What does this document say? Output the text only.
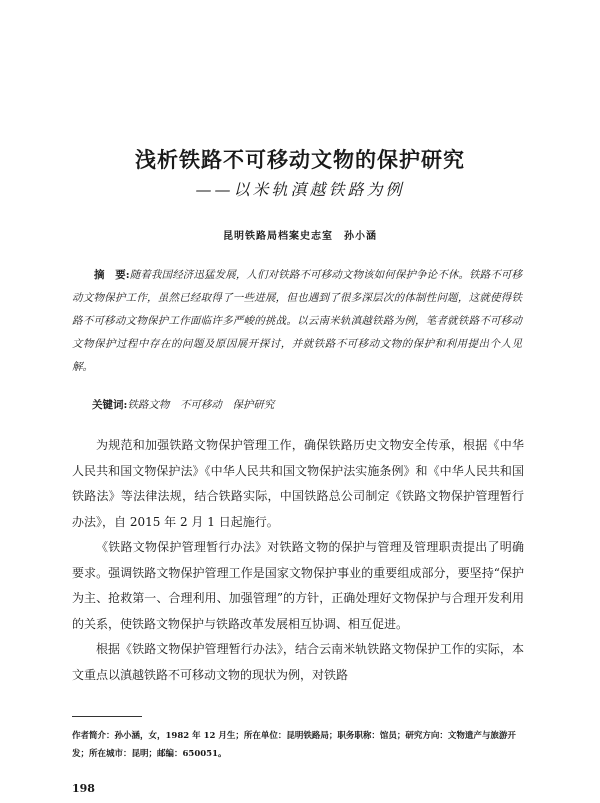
浅析铁路不可移动文物的保护研究
——以米轨滇越铁路为例
昆明铁路局档案史志室　孙小涵
摘　要:随着我国经济迅猛发展，人们对铁路不可移动文物该如何保护争论不休。铁路不可移动文物保护工作，虽然已经取得了一些进展，但也遇到了很多深层次的体制性问题，这就使得铁路不可移动文物保护工作面临许多严峻的挑战。以云南米轨滇越铁路为例，笔者就铁路不可移动文物保护过程中存在的问题及原因展开探讨，并就铁路不可移动文物的保护和利用提出个人见解。
关键词:铁路文物　不可移动　保护研究

为规范和加强铁路文物保护管理工作，确保铁路历史文物安全传承，根据《中华人民共和国文物保护法》《中华人民共和国文物保护法实施条例》和《中华人民共和国铁路法》等法律法规，结合铁路实际，中国铁路总公司制定《铁路文物保护管理暂行办法》，自 2015 年 2 月 1 日起施行。

《铁路文物保护管理暂行办法》对铁路文物的保护与管理及管理职责提出了明确要求。强调铁路文物保护管理工作是国家文物保护事业的重要组成部分，要坚持“保护为主、抢救第一、合理利用、加强管理”的方针，正确处理好文物保护与合理开发利用的关系，使铁路文物保护与铁路改革发展相互协调、相互促进。

根据《铁路文物保护管理暂行办法》，结合云南米轨铁路文物保护工作的实际，本文重点以滇越铁路不可移动文物的现状为例，对铁路

作者简介：孙小涵，女，1982 年 12 月生；所在单位：昆明铁路局；职务职称：馆员；研究方向：文物遗产与旅游开发；所在城市：昆明；邮编：650051。
198
